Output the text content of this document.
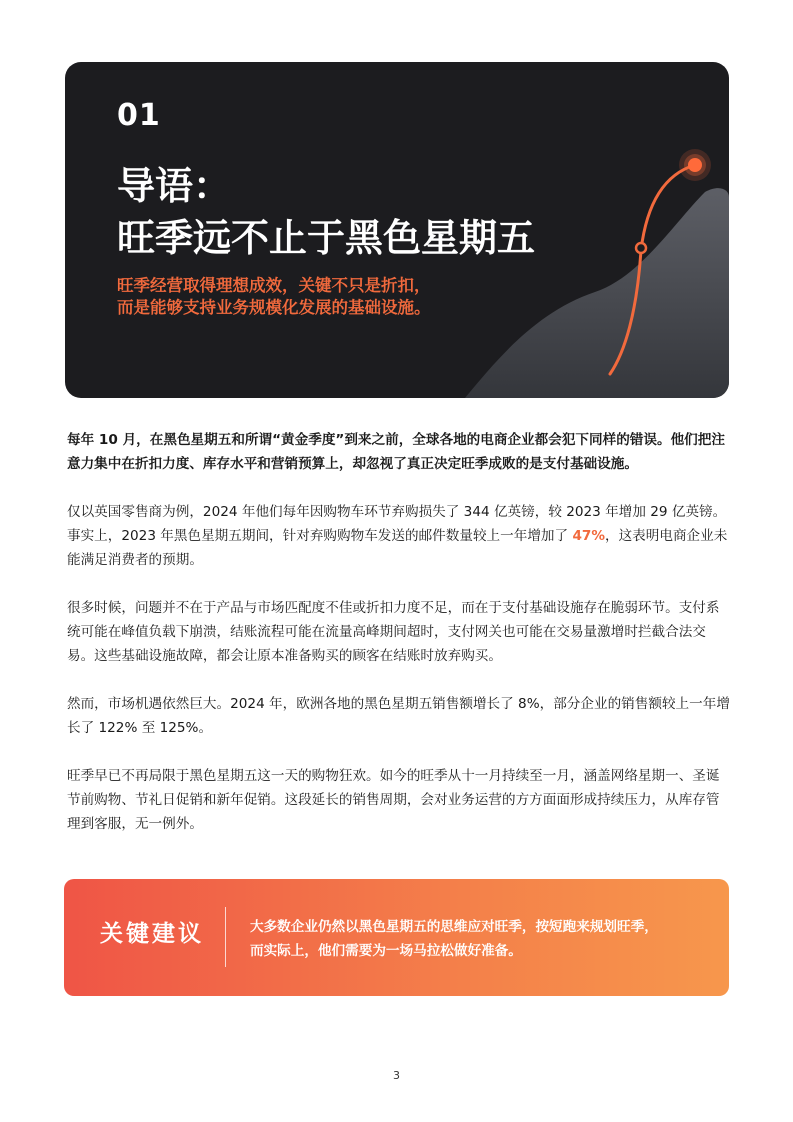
01
导语：
旺季远不止于黑色星期五
旺季经营取得理想成效，关键不只是折扣，
而是能够支持业务规模化发展的基础设施。

每年 10 月，在黑色星期五和所谓“黄金季度”到来之前，全球各地的电商企业都会犯下同样的错误。他们把注意力集中在折扣力度、库存水平和营销预算上，却忽视了真正决定旺季成败的是支付基础设施。

仅以英国零售商为例，2024 年他们每年因购物车环节弃购损失了 344 亿英镑，较 2023 年增加 29 亿英镑。事实上，2023 年黑色星期五期间，针对弃购购物车发送的邮件数量较上一年增加了 47%，这表明电商企业未能满足消费者的预期。

很多时候，问题并不在于产品与市场匹配度不佳或折扣力度不足，而在于支付基础设施存在脆弱环节。支付系统可能在峰值负载下崩溃，结账流程可能在流量高峰期间超时，支付网关也可能在交易量激增时拦截合法交易。这些基础设施故障，都会让原本准备购买的顾客在结账时放弃购买。

然而，市场机遇依然巨大。2024 年，欧洲各地的黑色星期五销售额增长了 8%，部分企业的销售额较上一年增长了 122% 至 125%。

旺季早已不再局限于黑色星期五这一天的购物狂欢。如今的旺季从十一月持续至一月，涵盖网络星期一、圣诞节前购物、节礼日促销和新年促销。这段延长的销售周期，会对业务运营的方方面面形成持续压力，从库存管理到客服，无一例外。

关键建议	大多数企业仍然以黑色星期五的思维应对旺季，按短跑来规划旺季，
而实际上，他们需要为一场马拉松做好准备。
3
